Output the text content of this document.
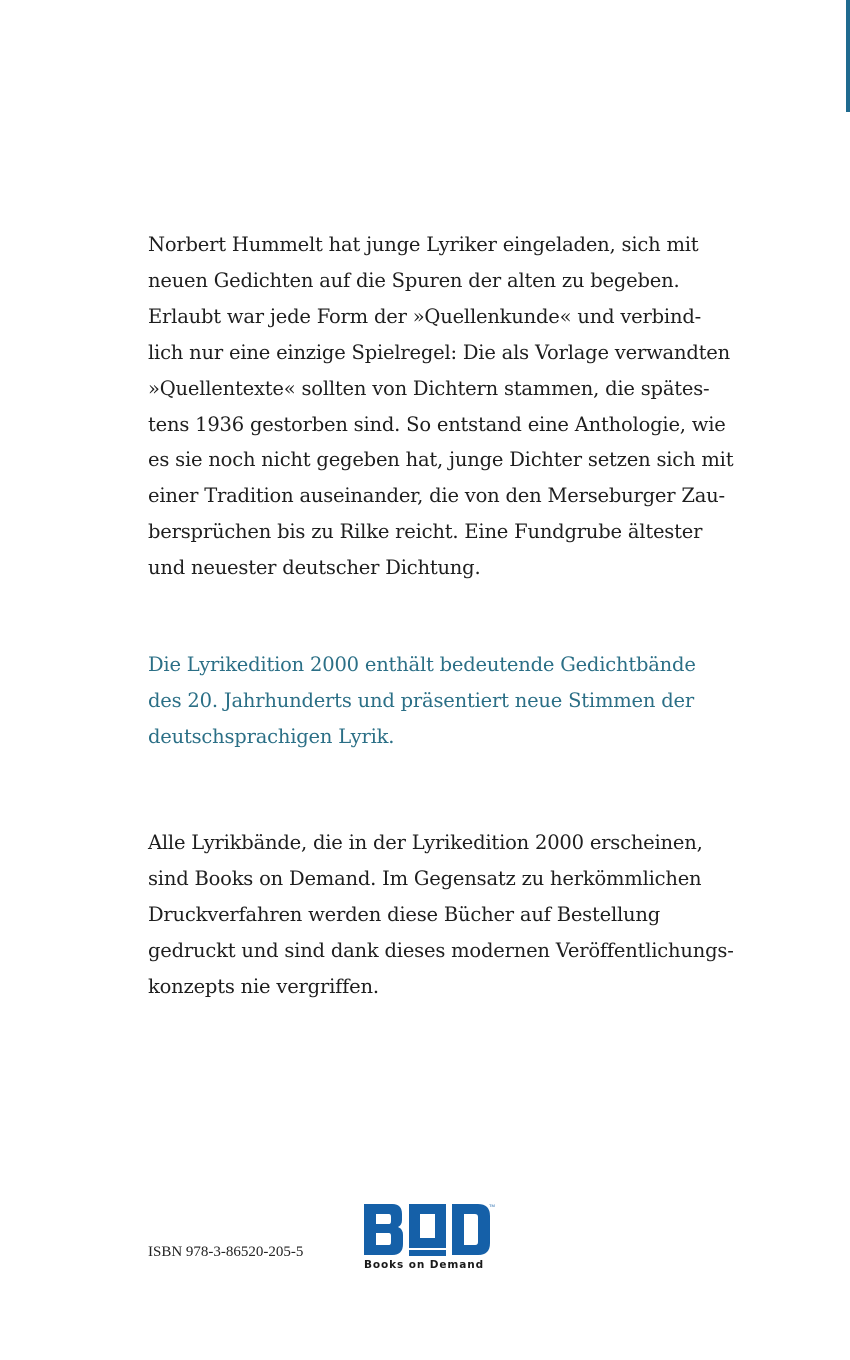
Norbert Hummelt hat junge Lyriker eingeladen, sich mit
neuen Gedichten auf die Spuren der alten zu begeben.
Erlaubt war jede Form der »Quellenkunde« und verbind-
lich nur eine einzige Spielregel: Die als Vorlage verwandten
»Quellentexte« sollten von Dichtern stammen, die spätes-
tens 1936 gestorben sind. So entstand eine Anthologie, wie
es sie noch nicht gegeben hat, junge Dichter setzen sich mit
einer Tradition auseinander, die von den Merseburger Zau-
bersprüchen bis zu Rilke reicht. Eine Fundgrube ältester
und neuester deutscher Dichtung.
Die Lyrikedition 2000 enthält bedeutende Gedichtbände
des 20. Jahrhunderts und präsentiert neue Stimmen der
deutschsprachigen Lyrik.
Alle Lyrikbände, die in der Lyrikedition 2000 erscheinen,
sind Books on Demand. Im Gegensatz zu herkömmlichen
Druckverfahren werden diese Bücher auf Bestellung
gedruckt und sind dank dieses modernen Veröffentlichungs-
konzepts nie vergriffen.
ISBN 978-3-86520-205-5
TM
Books on Demand
